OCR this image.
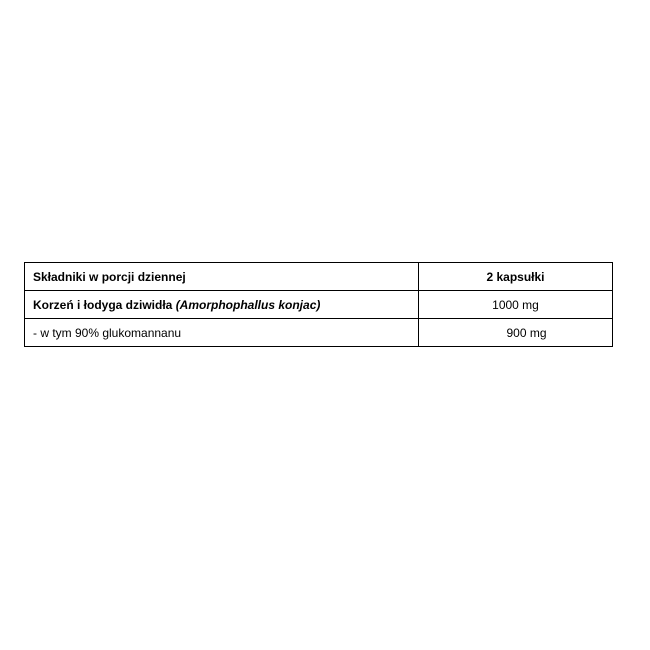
Składniki w porcji dziennej	2 kapsułki
Korzeń i łodyga dziwidła (Amorphophallus konjac)	1000 mg
- w tym 90% glukomannanu	900 mg
